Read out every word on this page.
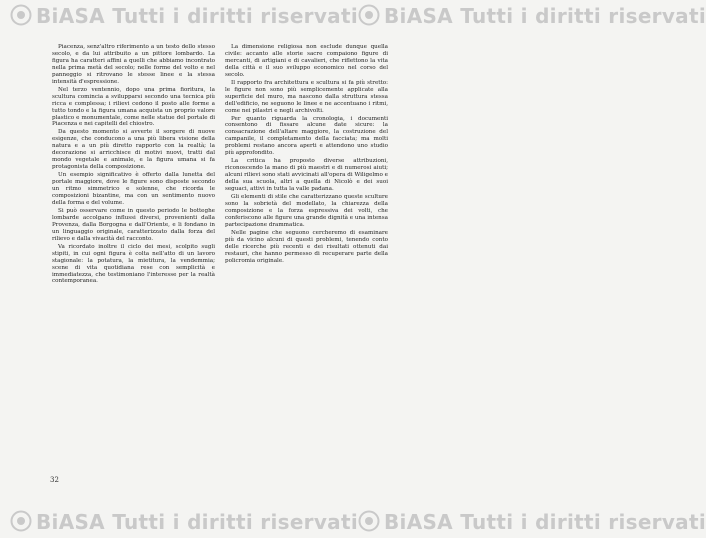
BiASA Tutti i diritti riservati	BiASA Tutti i diritti riservati

Piacenza, senz'altro riferimento a un testo dello stesso secolo, e da lui attribuito a un pittore lombardo. La figura ha caratteri affini a quelli che abbiamo incontrato nella prima metà del secolo; nelle forme del volto e nel panneggio si ritrovano le stesse linee e la stessa intensità d'espressione.

Nel terzo ventennio, dopo una prima fioritura, la scultura comincia a svilupparsi secondo una tecnica più ricca e complessa; i rilievi cedono il posto alle forme a tutto tondo e la figura umana acquista un proprio valore plastico e monumentale, come nelle statue del portale di Piacenza e nei capitelli del chiostro.

Da questo momento si avverte il sorgere di nuove esigenze, che conducono a una più libera visione della natura e a un più diretto rapporto con la realtà; la decorazione si arricchisce di motivi nuovi, tratti dal mondo vegetale e animale, e la figura umana si fa protagonista della composizione.

Un esempio significativo è offerto dalla lunetta del portale maggiore, dove le figure sono disposte secondo un ritmo simmetrico e solenne, che ricorda le composizioni bizantine, ma con un sentimento nuovo della forma e del volume.

Si può osservare come in questo periodo le botteghe lombarde accolgano influssi diversi, provenienti dalla Provenza, dalla Borgogna e dall'Oriente, e li fondano in un linguaggio originale, caratterizzato dalla forza del rilievo e dalla vivacità del racconto.

Va ricordato inoltre il ciclo dei mesi, scolpito sugli stipiti, in cui ogni figura è colta nell'atto di un lavoro stagionale: la potatura, la mietitura, la vendemmia; scene di vita quotidiana rese con semplicità e immediatezza, che testimoniano l'interesse per la realtà contemporanea.

La dimensione religiosa non esclude dunque quella civile: accanto alle storie sacre compaiono figure di mercanti, di artigiani e di cavalieri, che riflettono la vita della città e il suo sviluppo economico nel corso del secolo.

Il rapporto fra architettura e scultura si fa più stretto: le figure non sono più semplicemente applicate alla superficie del muro, ma nascono dalla struttura stessa dell'edificio, ne seguono le linee e ne accentuano i ritmi, come nei pilastri e negli archivolti.

Per quanto riguarda la cronologia, i documenti consentono di fissare alcune date sicure: la consacrazione dell'altare maggiore, la costruzione del campanile, il completamento della facciata; ma molti problemi restano ancora aperti e attendono uno studio più approfondito.

La critica ha proposto diverse attribuzioni, riconoscendo la mano di più maestri e di numerosi aiuti; alcuni rilievi sono stati avvicinati all'opera di Wiligelmo e della sua scuola, altri a quella di Nicolò e dei suoi seguaci, attivi in tutta la valle padana.

Gli elementi di stile che caratterizzano queste sculture sono la sobrietà del modellato, la chiarezza della composizione e la forza espressiva dei volti, che conferiscono alle figure una grande dignità e una intensa partecipazione drammatica.

Nelle pagine che seguono cercheremo di esaminare più da vicino alcuni di questi problemi, tenendo conto delle ricerche più recenti e dei risultati ottenuti dai restauri, che hanno permesso di recuperare parte della policromia originale.

32
BiASA Tutti i diritti riservati	BiASA Tutti i diritti riservati
